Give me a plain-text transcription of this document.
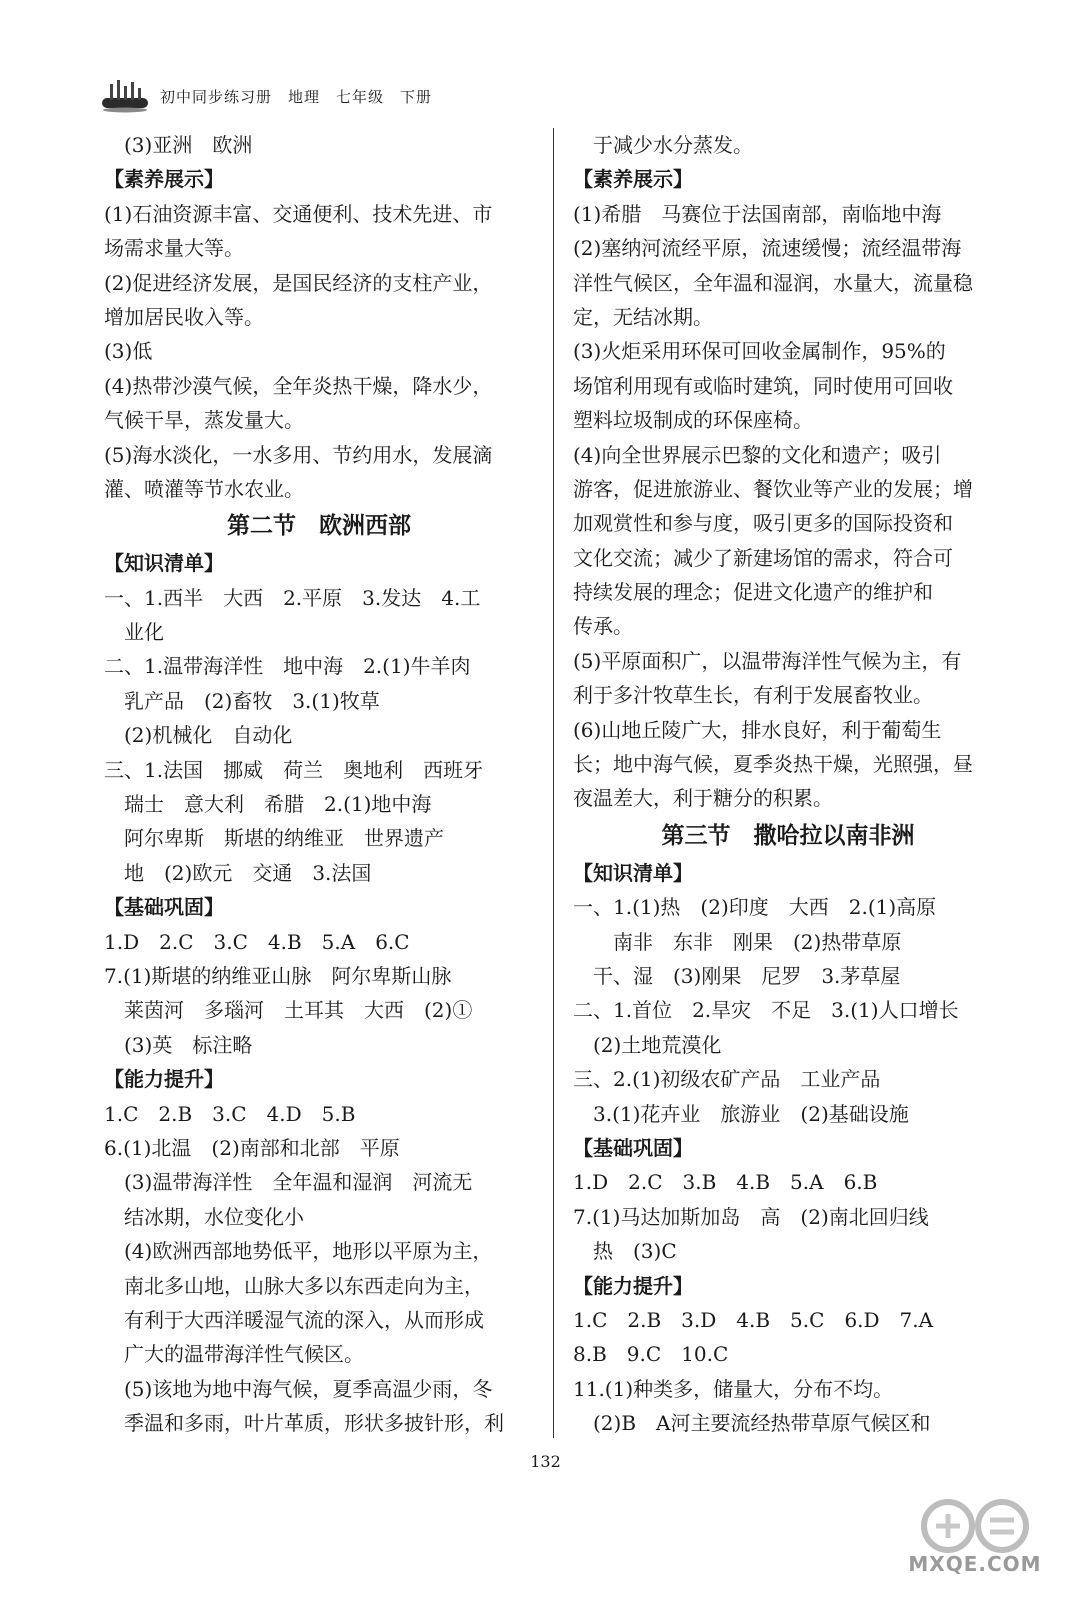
初中同步练习册　地理　七年级　下册
　(3)亚洲　欧洲
【素养展示】
(1)石油资源丰富、交通便利、技术先进、市
场需求量大等。
(2)促进经济发展，是国民经济的支柱产业，
增加居民收入等。
(3)低
(4)热带沙漠气候，全年炎热干燥，降水少，
气候干旱，蒸发量大。
(5)海水淡化，一水多用、节约用水，发展滴
灌、喷灌等节水农业。
第二节　欧洲西部
【知识清单】
一、1.西半　大西　2.平原　3.发达　4.工
　业化
二、1.温带海洋性　地中海　2.(1)牛羊肉
　乳产品　(2)畜牧　3.(1)牧草
　(2)机械化　自动化
三、1.法国　挪威　荷兰　奥地利　西班牙
　瑞士　意大利　希腊　2.(1)地中海
　阿尔卑斯　斯堪的纳维亚　世界遗产
　地　(2)欧元　交通　3.法国
【基础巩固】
1.D　2.C　3.C　4.B　5.A　6.C
7.(1)斯堪的纳维亚山脉　阿尔卑斯山脉
　莱茵河　多瑙河　土耳其　大西　(2)①
　(3)英　标注略
【能力提升】
1.C　2.B　3.C　4.D　5.B
6.(1)北温　(2)南部和北部　平原
　(3)温带海洋性　全年温和湿润　河流无
　结冰期，水位变化小
　(4)欧洲西部地势低平，地形以平原为主，
　南北多山地，山脉大多以东西走向为主，
　有利于大西洋暖湿气流的深入，从而形成
　广大的温带海洋性气候区。
　(5)该地为地中海气候，夏季高温少雨，冬
　季温和多雨，叶片革质，形状多披针形，利
　于减少水分蒸发。
【素养展示】
(1)希腊　马赛位于法国南部，南临地中海
(2)塞纳河流经平原，流速缓慢；流经温带海
洋性气候区，全年温和湿润，水量大，流量稳
定，无结冰期。
(3)火炬采用环保可回收金属制作，95%的
场馆利用现有或临时建筑，同时使用可回收
塑料垃圾制成的环保座椅。
(4)向全世界展示巴黎的文化和遗产；吸引
游客，促进旅游业、餐饮业等产业的发展；增
加观赏性和参与度，吸引更多的国际投资和
文化交流；减少了新建场馆的需求，符合可
持续发展的理念；促进文化遗产的维护和
传承。
(5)平原面积广，以温带海洋性气候为主，有
利于多汁牧草生长，有利于发展畜牧业。
(6)山地丘陵广大，排水良好，利于葡萄生
长；地中海气候，夏季炎热干燥，光照强，昼
夜温差大，利于糖分的积累。
第三节　撒哈拉以南非洲
【知识清单】
一、1.(1)热　(2)印度　大西　2.(1)高原
　　南非　东非　刚果　(2)热带草原
　干、湿　(3)刚果　尼罗　3.茅草屋
二、1.首位　2.旱灾　不足　3.(1)人口增长
　(2)土地荒漠化
三、2.(1)初级农矿产品　工业产品
　3.(1)花卉业　旅游业　(2)基础设施
【基础巩固】
1.D　2.C　3.B　4.B　5.A　6.B
7.(1)马达加斯加岛　高　(2)南北回归线
　热　(3)C
【能力提升】
1.C　2.B　3.D　4.B　5.C　6.D　7.A
8.B　9.C　10.C
11.(1)种类多，储量大，分布不均。
　(2)B　A河主要流经热带草原气候区和
132
MXQE.COM
